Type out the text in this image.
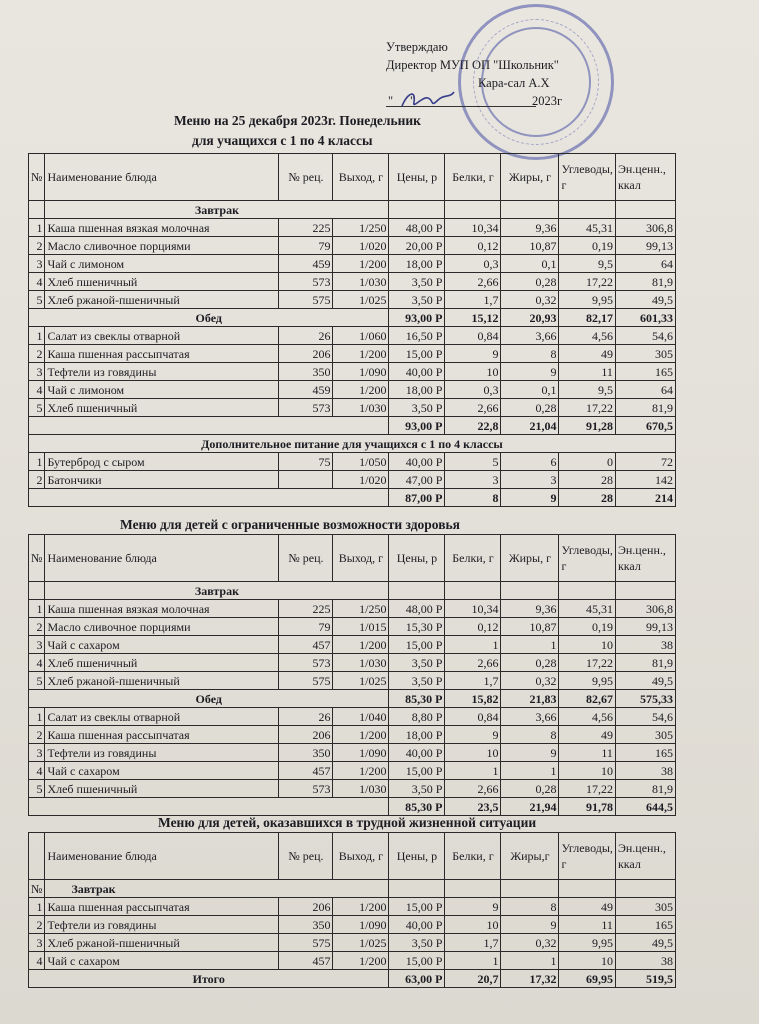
Утверждаю
Директор МУП ОП "Школьник"
Кара-сал А.Х
" "	2023г
Меню на 25 декабря 2023г. Понедельник
для учащихся с 1 по 4 классы
№	Наименование блюда	№ рец.	Выход, г	Цены, р	Белки, г	Жиры, г	Углеводы, г	Эн.ценн., ккал
	Завтрак							
1	Каша пшенная вязкая молочная	225	1/250	48,00 Р	10,34	9,36	45,31	306,8
2	Масло сливочное порциями	79	1/020	20,00 Р	0,12	10,87	0,19	99,13
3	Чай с лимоном	459	1/200	18,00 Р	0,3	0,1	9,5	64
4	Хлеб пшеничный	573	1/030	3,50 Р	2,66	0,28	17,22	81,9
5	Хлеб ржаной-пшеничный	575	1/025	3,50 Р	1,7	0,32	9,95	49,5
Обед				93,00 Р	15,12	20,93	82,17	601,33
1	Салат из свеклы отварной	26	1/060	16,50 Р	0,84	3,66	4,56	54,6
2	Каша пшенная рассыпчатая	206	1/200	15,00 Р	9	8	49	305
3	Тефтели из говядины	350	1/090	40,00 Р	10	9	11	165
4	Чай с лимоном	459	1/200	18,00 Р	0,3	0,1	9,5	64
5	Хлеб пшеничный	573	1/030	3,50 Р	2,66	0,28	17,22	81,9
				93,00 Р	22,8	21,04	91,28	670,5
Дополнительное питание для учащихся с 1 по 4 классы								
1	Бутерброд с сыром	75	1/050	40,00 Р	5	6	0	72
2	Батончики		1/020	47,00 Р	3	3	28	142
				87,00 Р	8	9	28	214
Меню для детей с ограниченные возможности здоровья
№	Наименование блюда	№ рец.	Выход, г	Цены, р	Белки, г	Жиры, г	Углеводы, г	Эн.ценн., ккал
	Завтрак							
1	Каша пшенная вязкая молочная	225	1/250	48,00 Р	10,34	9,36	45,31	306,8
2	Масло сливочное порциями	79	1/015	15,30 Р	0,12	10,87	0,19	99,13
3	Чай с сахаром	457	1/200	15,00 Р	1	1	10	38
4	Хлеб пшеничный	573	1/030	3,50 Р	2,66	0,28	17,22	81,9
5	Хлеб ржаной-пшеничный	575	1/025	3,50 Р	1,7	0,32	9,95	49,5
Обед				85,30 Р	15,82	21,83	82,67	575,33
1	Салат из свеклы отварной	26	1/040	8,80 Р	0,84	3,66	4,56	54,6
2	Каша пшенная рассыпчатая	206	1/200	18,00 Р	9	8	49	305
3	Тефтели из говядины	350	1/090	40,00 Р	10	9	11	165
4	Чай с сахаром	457	1/200	15,00 Р	1	1	10	38
5	Хлеб пшеничный	573	1/030	3,50 Р	2,66	0,28	17,22	81,9
				85,30 Р	23,5	21,94	91,78	644,5
Меню для детей, оказавшихся в трудной жизненной ситуации
	Наименование блюда	№ рец.	Выход, г	Цены, р	Белки, г	Жиры,г	Углеводы, г	Эн.ценн., ккал
№	Завтрак							
1	Каша пшенная рассыпчатая	206	1/200	15,00 Р	9	8	49	305
2	Тефтели из говядины	350	1/090	40,00 Р	10	9	11	165
3	Хлеб ржаной-пшеничный	575	1/025	3,50 Р	1,7	0,32	9,95	49,5
4	Чай с сахаром	457	1/200	15,00 Р	1	1	10	38
Итого				63,00 Р	20,7	17,32	69,95	519,5
